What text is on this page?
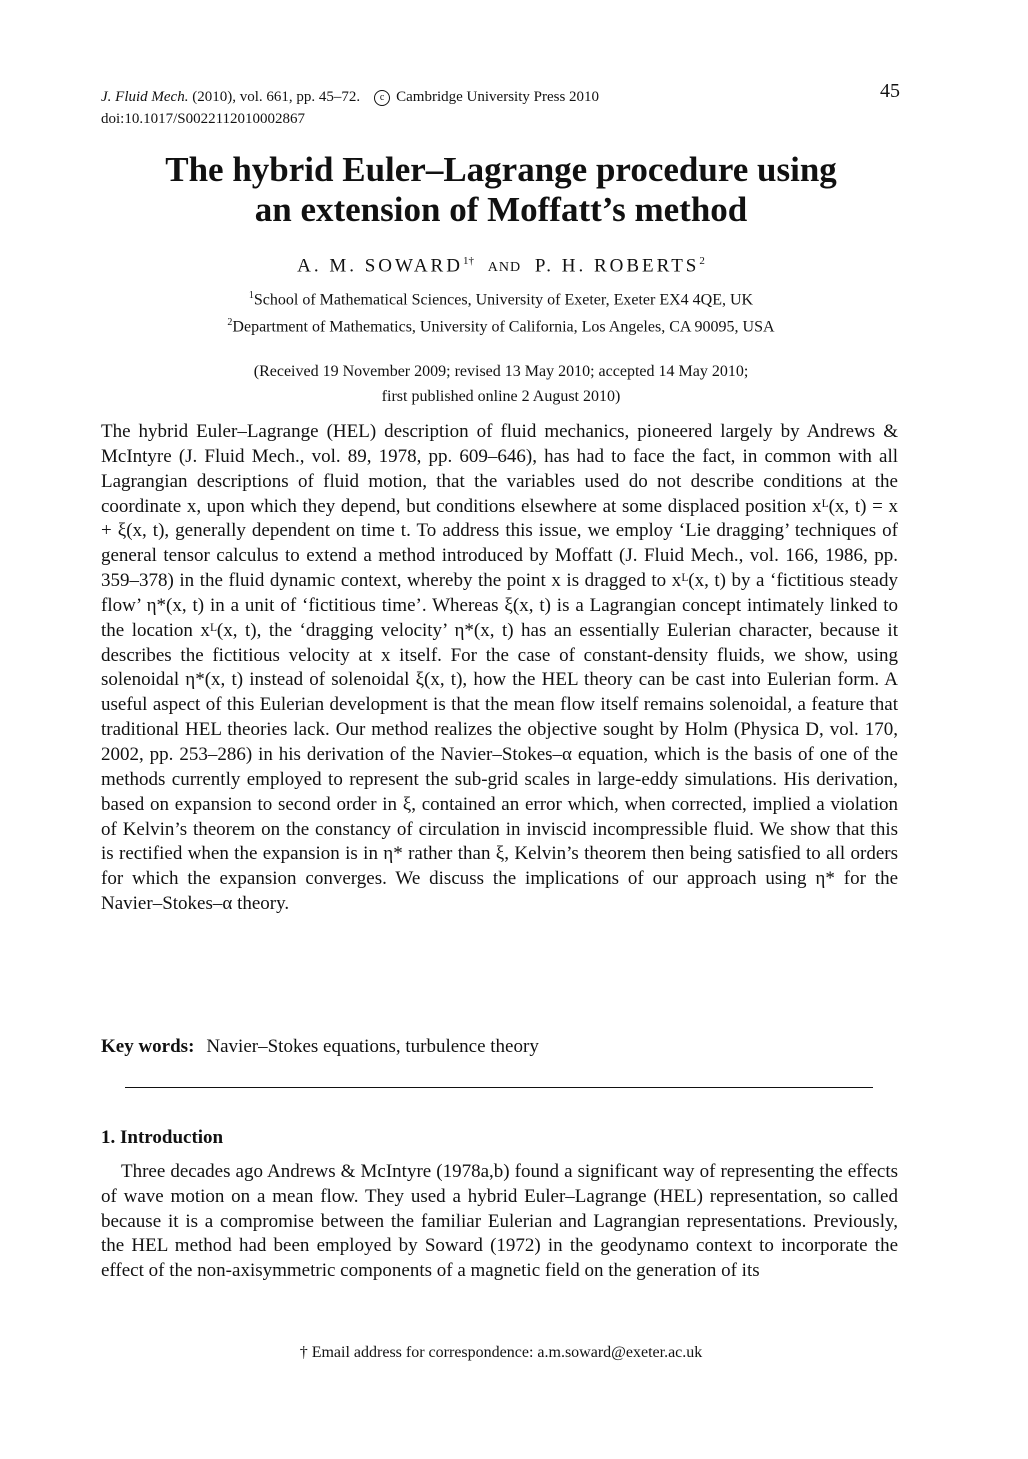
J. Fluid Mech. (2010), vol. 661, pp. 45–72. c Cambridge University Press 2010
doi:10.1017/S0022112010002867
45
The hybrid Euler–Lagrange procedure using
an extension of Moffatt’s method
A. M. $SOWARD^{1\dagger}$ AND P. H. ROBERTS$^2$
$^1$School of Mathematical Sciences, University of Exeter, Exeter EX4 4QE, UK
$^2$Department of Mathematics, University of California, Los Angeles, CA 90095, USA
(Received 19 November 2009; revised 13 May 2010; accepted 14 May 2010;
first published online 2 August 2010)

The hybrid Euler–Lagrange (HEL) description of fluid mechanics, pioneered largely by Andrews & McIntyre (J. Fluid Mech., vol. 89, 1978, pp. 609–646), has had to face the fact, in common with all Lagrangian descriptions of fluid motion, that the variables used do not describe conditions at the coordinate x, upon which they depend, but conditions elsewhere at some displaced position xᴸ(x, t) = x + ξ(x, t), generally dependent on time t. To address this issue, we employ ‘Lie dragging’ techniques of general tensor calculus to extend a method introduced by Moffatt (J. Fluid Mech., vol. 166, 1986, pp. 359–378) in the fluid dynamic context, whereby the point x is dragged to xᴸ(x, t) by a ‘fictitious steady flow’ η*(x, t) in a unit of ‘fictitious time’. Whereas ξ(x, t) is a Lagrangian concept intimately linked to the location xᴸ(x, t), the ‘dragging velocity’ η*(x, t) has an essentially Eulerian character, because it describes the fictitious velocity at x itself. For the case of constant-density fluids, we show, using solenoidal η*(x, t) instead of solenoidal ξ(x, t), how the HEL theory can be cast into Eulerian form. A useful aspect of this Eulerian development is that the mean flow itself remains solenoidal, a feature that traditional HEL theories lack. Our method realizes the objective sought by Holm (Physica D, vol. 170, 2002, pp. 253–286) in his derivation of the Navier–Stokes–α equation, which is the basis of one of the methods currently employed to represent the sub-grid scales in large-eddy simulations. His derivation, based on expansion to second order in ξ, contained an error which, when corrected, implied a violation of Kelvin’s theorem on the constancy of circulation in inviscid incompressible fluid. We show that this is rectified when the expansion is in η* rather than ξ, Kelvin’s theorem then being satisfied to all orders for which the expansion converges. We discuss the implications of our approach using η* for the Navier–Stokes–α theory.

Key words: Navier–Stokes equations, turbulence theory
1. Introduction

Three decades ago Andrews & McIntyre (1978a,b) found a significant way of representing the effects of wave motion on a mean flow. They used a hybrid Euler–Lagrange (HEL) representation, so called because it is a compromise between the familiar Eulerian and Lagrangian representations. Previously, the HEL method had been employed by Soward (1972) in the geodynamo context to incorporate the effect of the non-axisymmetric components of a magnetic field on the generation of its

† Email address for correspondence: a.m.soward@exeter.ac.uk
